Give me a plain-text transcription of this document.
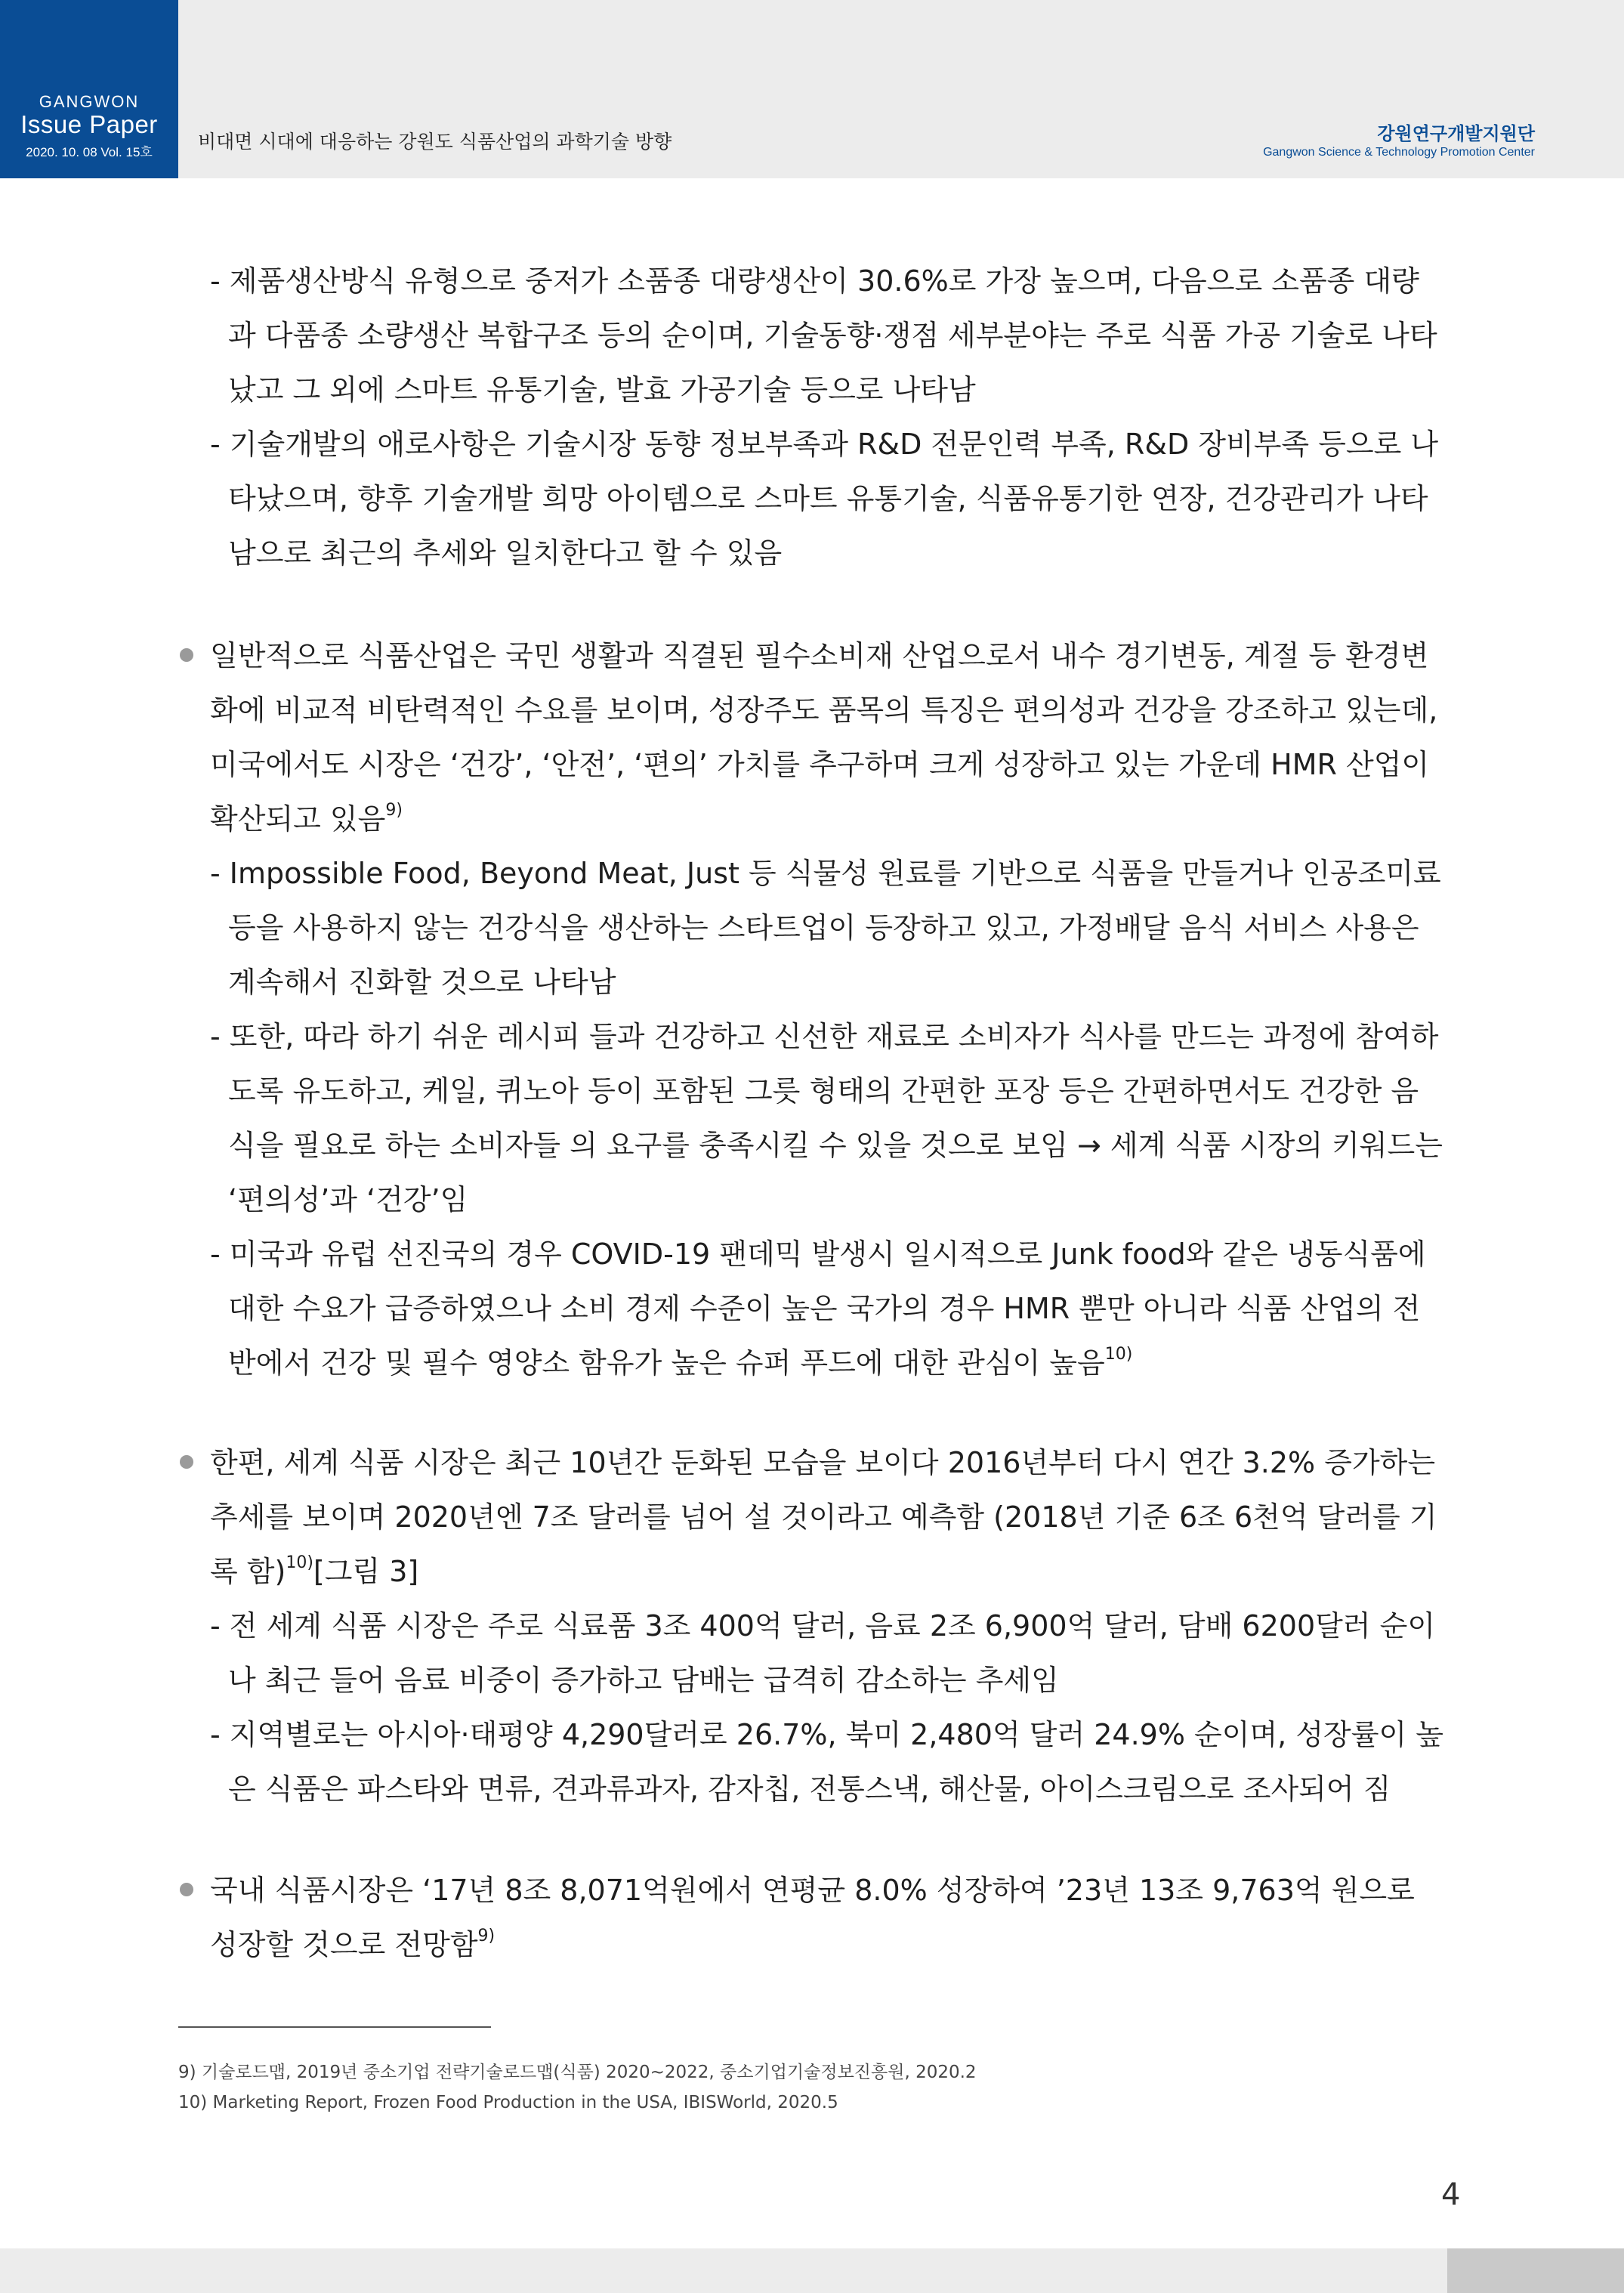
GANGWON
Issue Paper
2020. 10. 08 Vol. 15호	비대면 시대에 대응하는 강원도 식품산업의 과학기술 방향	강원연구개발지원단
Gangwon Science & Technology Promotion Center
- 제품생산방식 유형으로 중저가 소품종 대량생산이 30.6%로 가장 높으며, 다음으로 소품종 대량과 다품종 소량생산 복합구조 등의 순이며, 기술동향·쟁점 세부분야는 주로 식품 가공 기술로 나타났고 그 외에 스마트 유통기술, 발효 가공기술 등으로 나타남
- 기술개발의 애로사항은 기술시장 동향 정보부족과 R&D 전문인력 부족, R&D 장비부족 등으로 나타났으며, 향후 기술개발 희망 아이템으로 스마트 유통기술, 식품유통기한 연장, 건강관리가 나타남으로 최근의 추세와 일치한다고 할 수 있음
일반적으로 식품산업은 국민 생활과 직결된 필수소비재 산업으로서 내수 경기변동, 계절 등 환경변화에 비교적 비탄력적인 수요를 보이며, 성장주도 품목의 특징은 편의성과 건강을 강조하고 있는데, 미국에서도 시장은 ‘건강’, ‘안전’, ‘편의’ 가치를 추구하며 크게 성장하고 있는 가운데 HMR 산업이 확산되고 있음$^{9)}$
- Impossible Food, Beyond Meat, Just 등 식물성 원료를 기반으로 식품을 만들거나 인공조미료 등을 사용하지 않는 건강식을 생산하는 스타트업이 등장하고 있고, 가정배달 음식 서비스 사용은 계속해서 진화할 것으로 나타남
- 또한, 따라 하기 쉬운 레시피 들과 건강하고 신선한 재료로 소비자가 식사를 만드는 과정에 참여하도록 유도하고, 케일, 퀴노아 등이 포함된 그릇 형태의 간편한 포장 등은 간편하면서도 건강한 음식을 필요로 하는 소비자들 의 요구를 충족시킬 수 있을 것으로 보임 → 세계 식품 시장의 키워드는 ‘편의성’과 ‘건강’임
- 미국과 유럽 선진국의 경우 COVID-19 팬데믹 발생시 일시적으로 Junk food와 같은 냉동식품에 대한 수요가 급증하였으나 소비 경제 수준이 높은 국가의 경우 HMR 뿐만 아니라 식품 산업의 전반에서 건강 및 필수 영양소 함유가 높은 슈퍼 푸드에 대한 관심이 높음$^{10)}$
한편, 세계 식품 시장은 최근 10년간 둔화된 모습을 보이다 2016년부터 다시 연간 3.2% 증가하는 추세를 보이며 2020년엔 7조 달러를 넘어 설 것이라고 예측함 (2018년 기준 6조 6천억 달러를 기록 함)$^{10)}$[그림 3]
- 전 세계 식품 시장은 주로 식료품 3조 400억 달러, 음료 2조 6,900억 달러, 담배 6200달러 순이나 최근 들어 음료 비중이 증가하고 담배는 급격히 감소하는 추세임
- 지역별로는 아시아·태평양 4,290달러로 26.7%, 북미 2,480억 달러 24.9% 순이며, 성장률이 높은 식품은 파스타와 면류, 견과류과자, 감자칩, 전통스낵, 해산물, 아이스크림으로 조사되어 짐
국내 식품시장은 ‘17년 8조 8,071억원에서 연평균 8.0% 성장하여 ’23년 13조 9,763억 원으로 성장할 것으로 전망함$^{9)}$
9) 기술로드맵, 2019년 중소기업 전략기술로드맵(식품) 2020~2022, 중소기업기술정보진흥원, 2020.2
10) Marketing Report, Frozen Food Production in the USA, IBISWorld, 2020.5
4
